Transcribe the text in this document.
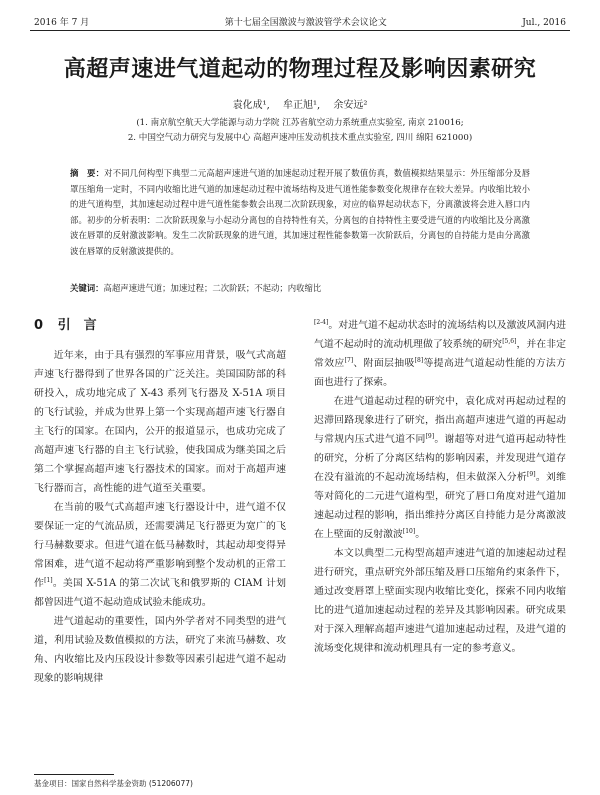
2016 年 7 月	第十七届全国激波与激波管学术会议论文	Jul., 2016
高超声速进气道起动的物理过程及影响因素研究
袁化成¹, 牟正旭¹, 余安远²
(1. 南京航空航天大学能源与动力学院 江苏省航空动力系统重点实验室, 南京 210016;
2. 中国空气动力研究与发展中心 高超声速冲压发动机技术重点实验室, 四川 绵阳 621000)
摘　要：对不同几何构型下典型二元高超声速进气道的加速起动过程开展了数值仿真，数值模拟结果显示：外压缩部分及唇罩压缩角一定时，不同内收缩比进气道的加速起动过程中流场结构及进气道性能参数变化规律存在较大差异。内收缩比较小的进气道构型，其加速起动过程中进气道性能参数会出现二次阶跃现象，对应的临界起动状态下，分离激波将会进入唇口内部。初步的分析表明：二次阶跃现象与小起动分离包的自持特性有关，分离包的自持特性主要受进气道的内收缩比及分离激波在唇罩的反射激波影响。发生二次阶跃现象的进气道，其加速过程性能参数第一次阶跃后，分离包的自持能力是由分离激波在唇罩的反射激波提供的。
关键词：高超声速进气道；加速过程；二次阶跃；不起动；内收缩比
0 引　言

近年来，由于具有强烈的军事应用背景，吸气式高超声速飞行器得到了世界各国的广泛关注。美国国防部的科研投入，成功地完成了 X-43 系列飞行器及 X-51A 项目的飞行试验，并成为世界上第一个实现高超声速飞行器自主飞行的国家。在国内，公开的报道显示，也成功完成了高超声速飞行器的自主飞行试验，使我国成为继美国之后第二个掌握高超声速飞行器技术的国家。而对于高超声速飞行器而言，高性能的进气道至关重要。

在当前的吸气式高超声速飞行器设计中，进气道不仅要保证一定的气流品质，还需要满足飞行器更为宽广的飞行马赫数要求。但进气道在低马赫数时，其起动却变得异常困难，进气道不起动将严重影响到整个发动机的正常工作[1]。美国 X-51A 的第二次试飞和俄罗斯的 CIAM 计划都曾因进气道不起动造成试验未能成功。

进气道起动的重要性，国内外学者对不同类型的进气道，利用试验及数值模拟的方法，研究了来流马赫数、攻角、内收缩比及内压段设计参数等因素引起进气道不起动现象的影响规律

[2-4]。对进气道不起动状态时的流场结构以及激波风洞内进气道不起动时的流动机理做了较系统的研究[5,6]，并在非定常效应[7]、附面层抽吸[8]等提高进气道起动性能的方法方面也进行了探索。

在进气道起动过程的研究中，袁化成对再起动过程的迟滞回路现象进行了研究，指出高超声速进气道的再起动与常规内压式进气道不同[9]。谢超等对进气道再起动特性的研究，分析了分离区结构的影响因素，并发现进气道存在没有溢流的不起动流场结构，但未做深入分析[9]。刘维等对简化的二元进气道构型，研究了唇口角度对进气道加速起动过程的影响，指出维持分离区自持能力是分离激波在上壁面的反射激波[10]。

本文以典型二元构型高超声速进气道的加速起动过程进行研究，重点研究外部压缩及唇口压缩角约束条件下，通过改变唇罩上壁面实现内收缩比变化，探索不同内收缩比的进气道加速起动过程的差异及其影响因素。研究成果对于深入理解高超声速进气道加速起动过程，及进气道的流场变化规律和流动机理具有一定的参考意义。

基金项目：国家自然科学基金资助 (51206077)
